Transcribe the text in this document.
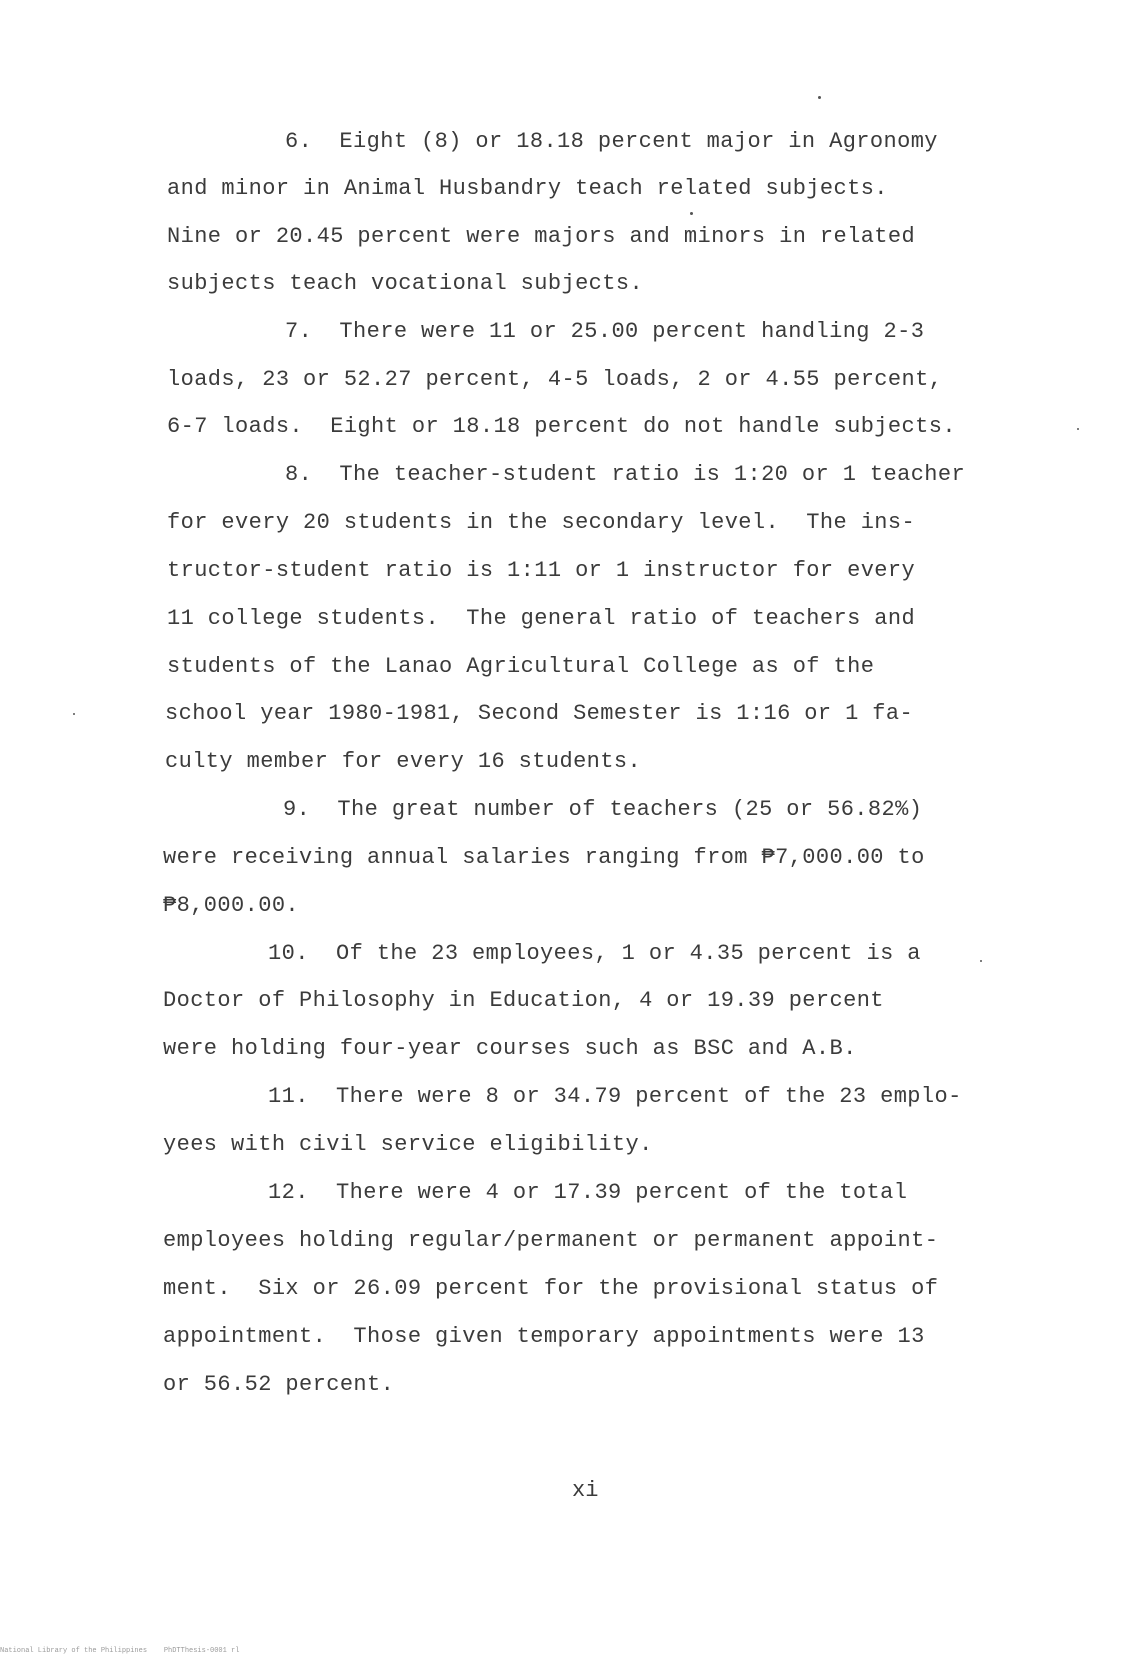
6.  Eight (8) or 18.18 percent major in Agronomy
and minor in Animal Husbandry teach related subjects.
Nine or 20.45 percent were majors and minors in related
subjects teach vocational subjects.
7.  There were 11 or 25.00 percent handling 2-3
loads, 23 or 52.27 percent, 4-5 loads, 2 or 4.55 percent,
6-7 loads.  Eight or 18.18 percent do not handle subjects.
8.  The teacher-student ratio is 1:20 or 1 teacher
for every 20 students in the secondary level.  The ins-
tructor-student ratio is 1:11 or 1 instructor for every
11 college students.  The general ratio of teachers and
students of the Lanao Agricultural College as of the
school year 1980-1981, Second Semester is 1:16 or 1 fa-
culty member for every 16 students.
9.  The great number of teachers (25 or 56.82%)
were receiving annual salaries ranging from ₱7,000.00 to
₱8,000.00.
10.  Of the 23 employees, 1 or 4.35 percent is a
Doctor of Philosophy in Education, 4 or 19.39 percent
were holding four-year courses such as BSC and A.B.
11.  There were 8 or 34.79 percent of the 23 emplo-
yees with civil service eligibility.
12.  There were 4 or 17.39 percent of the total
employees holding regular/permanent or permanent appoint-
ment.  Six or 26.09 percent for the provisional status of
appointment.  Those given temporary appointments were 13
or 56.52 percent.
xi
National Library of the Philippines    PhDTThesis-0001 rl
